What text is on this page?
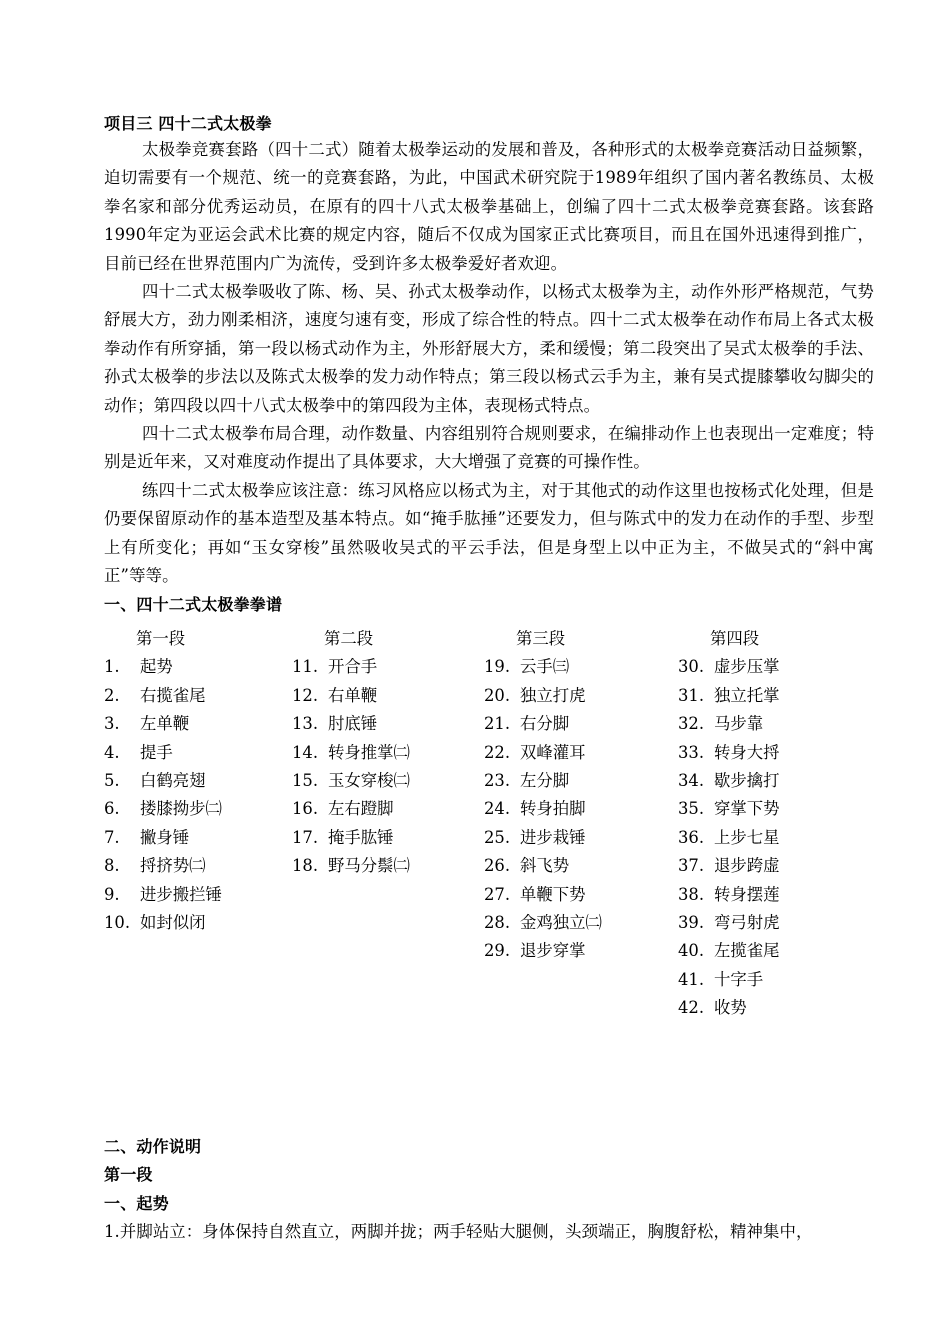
项目三 四十二式太极拳

太极拳竞赛套路（四十二式）随着太极拳运动的发展和普及，各种形式的太极拳竞赛活动日益频繁，迫切需要有一个规范、统一的竞赛套路，为此，中国武术研究院于1989年组织了国内著名教练员、太极拳名家和部分优秀运动员，在原有的四十八式太极拳基础上，创编了四十二式太极拳竞赛套路。该套路1990年定为亚运会武术比赛的规定内容，随后不仅成为国家正式比赛项目，而且在国外迅速得到推广，目前已经在世界范围内广为流传，受到许多太极拳爱好者欢迎。

四十二式太极拳吸收了陈、杨、吴、孙式太极拳动作，以杨式太极拳为主，动作外形严格规范，气势舒展大方，劲力刚柔相济，速度匀速有变，形成了综合性的特点。四十二式太极拳在动作布局上各式太极拳动作有所穿插，第一段以杨式动作为主，外形舒展大方，柔和缓慢；第二段突出了吴式太极拳的手法、孙式太极拳的步法以及陈式太极拳的发力动作特点；第三段以杨式云手为主，兼有吴式提膝攀收勾脚尖的动作；第四段以四十八式太极拳中的第四段为主体，表现杨式特点。

四十二式太极拳布局合理，动作数量、内容组别符合规则要求，在编排动作上也表现出一定难度；特别是近年来，又对难度动作提出了具体要求，大大增强了竞赛的可操作性。

练四十二式太极拳应该注意：练习风格应以杨式为主，对于其他式的动作这里也按杨式化处理，但是仍要保留原动作的基本造型及基本特点。如“掩手肱捶”还要发力，但与陈式中的发力在动作的手型、步型上有所变化；再如“玉女穿梭”虽然吸收吴式的平云手法，但是身型上以中正为主，不做吴式的“斜中寓正”等等。

一、四十二式太极拳拳谱
第一段
1. 起势
2. 右揽雀尾
3. 左单鞭
4. 提手
5. 白鹤亮翅
6. 搂膝拗步㈡
7. 撇身锤
8. 捋挤势㈡
9. 进步搬拦锤
10. 如封似闭
第二段
11. 开合手
12. 右单鞭
13. 肘底锤
14. 转身推掌㈡
15. 玉女穿梭㈡
16. 左右蹬脚
17. 掩手肱锤
18. 野马分鬃㈡
第三段
19. 云手㈢
20. 独立打虎
21. 右分脚
22. 双峰灌耳
23. 左分脚
24. 转身拍脚
25. 进步栽锤
26. 斜飞势
27. 单鞭下势
28. 金鸡独立㈡
29. 退步穿掌
第四段
30. 虚步压掌
31. 独立托掌
32. 马步靠
33. 转身大捋
34. 歇步擒打
35. 穿掌下势
36. 上步七星
37. 退步跨虚
38. 转身摆莲
39. 弯弓射虎
40. 左揽雀尾
41. 十字手
42. 收势
二、动作说明
第一段
一、起势
1.并脚站立：身体保持自然直立，两脚并拢；两手轻贴大腿侧，头颈端正，胸腹舒松，精神集中，
